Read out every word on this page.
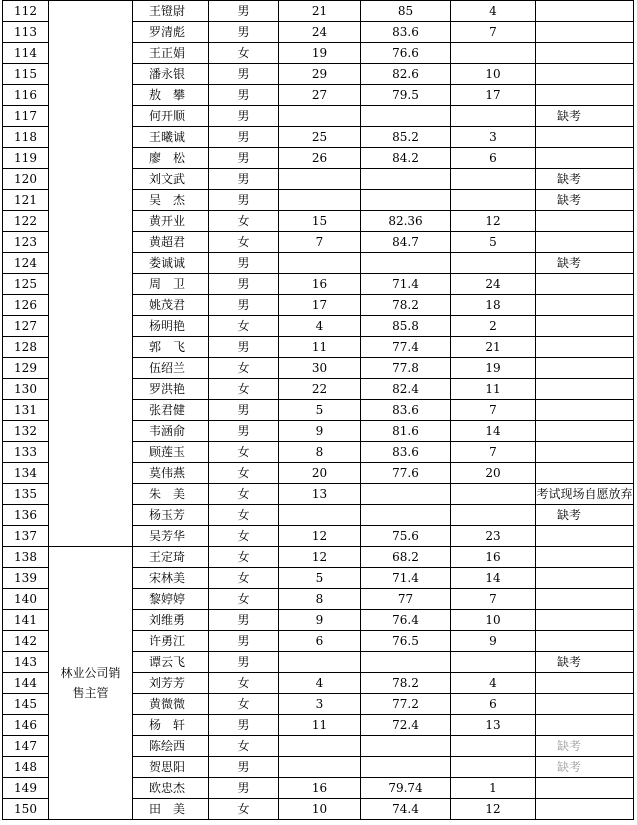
112		王镫尉	男	21	85	4	
113		罗清彪	男	24	83.6	7	
114		王正娟	女	19	76.6		
115		潘永银	男	29	82.6	10	
116		敖　攀	男	27	79.5	17	
117		何开顺	男				缺考
118		王曦诚	男	25	85.2	3	
119		廖　松	男	26	84.2	6	
120		刘文武	男				缺考
121		吴　杰	男				缺考
122		黄开业	女	15	82.36	12	
123		黄超君	女	7	84.7	5	
124		娄诚诚	男				缺考
125		周　卫	男	16	71.4	24	
126		姚茂君	男	17	78.2	18	
127		杨明艳	女	4	85.8	2	
128		郭　飞	男	11	77.4	21	
129		伍绍兰	女	30	77.8	19	
130		罗洪艳	女	22	82.4	11	
131		张君健	男	5	83.6	7	
132		韦涵俞	男	9	81.6	14	
133		顾莲玉	女	8	83.6	7	
134		莫伟燕	女	20	77.6	20	
135		朱　美	女	13			考试现场自愿放弃
136		杨玉芳	女				缺考
137		吴芳华	女	12	75.6	23	
138	林业公司销售主管	王定琦	女	12	68.2	16	
139		宋林美	女	5	71.4	14	
140		黎婷婷	女	8	77	7	
141		刘维勇	男	9	76.4	10	
142		许勇江	男	6	76.5	9	
143		谭云飞	男				缺考
144		刘芳芳	女	4	78.2	4	
145		黄微微	女	3	77.2	6	
146		杨　轩	男	11	72.4	13	
147		陈绘西	女				缺考
148		贺思阳	男				缺考
149		欧忠杰	男	16	79.74	1	
150		田　美	女	10	74.4	12	
